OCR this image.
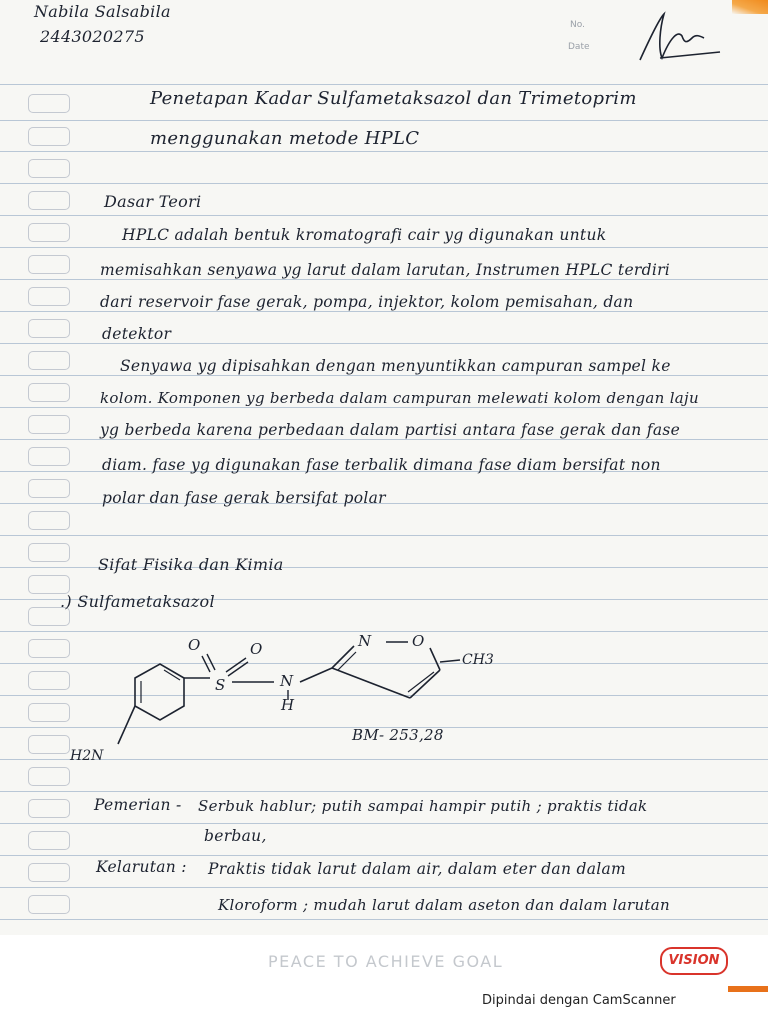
Nabila Salsabila
2443020275
No.
Date
Penetapan Kadar Sulfametaksazol dan Trimetoprim
menggunakan metode HPLC
Dasar Teori
HPLC adalah bentuk kromatografi cair yg digunakan untuk
memisahkan senyawa yg larut dalam larutan, Instrumen HPLC terdiri
dari reservoir fase gerak, pompa, injektor, kolom pemisahan, dan
detektor
Senyawa yg dipisahkan dengan menyuntikkan campuran sampel ke
kolom. Komponen yg berbeda dalam campuran melewati kolom dengan laju
yg berbeda karena perbedaan dalam partisi antara fase gerak dan fase
diam. fase yg digunakan fase terbalik dimana fase diam bersifat non
polar dan fase gerak bersifat polar
Sifat Fisika dan Kimia
.) Sulfametaksazol
O	O
S	N
H
N	O
CH3
H2N
BM- 253,28
Pemerian - Serbuk hablur; putih sampai hampir putih ; praktis tidak
berbau,
Kelarutan : Praktis tidak larut dalam air, dalam eter dan dalam
Kloroform ; mudah larut dalam aseton dan dalam larutan
PEACE TO ACHIEVE GOAL	VISION
Dipindai dengan CamScanner
